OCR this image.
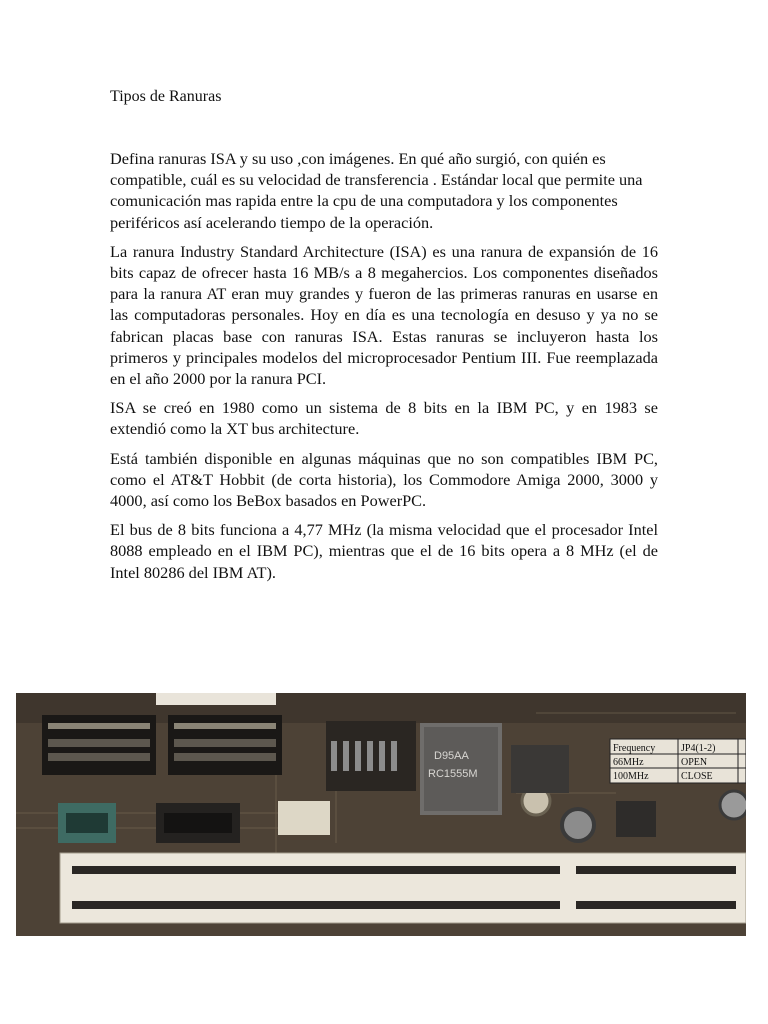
Tipos de Ranuras

Defina ranuras ISA y su uso ,con imágenes. En qué año surgió, con quién es compatible, cuál es su velocidad de transferencia . Estándar local que permite una comunicación mas rapida entre la cpu de una computadora y los componentes periféricos así acelerando tiempo de la operación.

La ranura Industry Standard Architecture (ISA) es una ranura de expansión de 16 bits capaz de ofrecer hasta 16 MB/s a 8 megahercios. Los componentes diseñados para la ranura AT eran muy grandes y fueron de las primeras ranuras en usarse en las computadoras personales. Hoy en día es una tecnología en desuso y ya no se fabrican placas base con ranuras ISA. Estas ranuras se incluyeron hasta los primeros y principales modelos del microprocesador Pentium III. Fue reemplazada en el año 2000 por la ranura PCI.

ISA se creó en 1980 como un sistema de 8 bits en la IBM PC, y en 1983 se extendió como la XT bus architecture.

Está también disponible en algunas máquinas que no son compatibles IBM PC, como el AT&T Hobbit (de corta historia), los Commodore Amiga 2000, 3000 y 4000, así como los BeBox basados en PowerPC.

El bus de 8 bits funciona a 4,77 MHz (la misma velocidad que el procesador Intel 8088 empleado en el IBM PC), mientras que el de 16 bits opera a 8 MHz (el de Intel 80286 del IBM AT).

D95AA
RC1555M
Frequency	JP4(1-2)
66MHz	OPEN
100MHz	CLOSE
